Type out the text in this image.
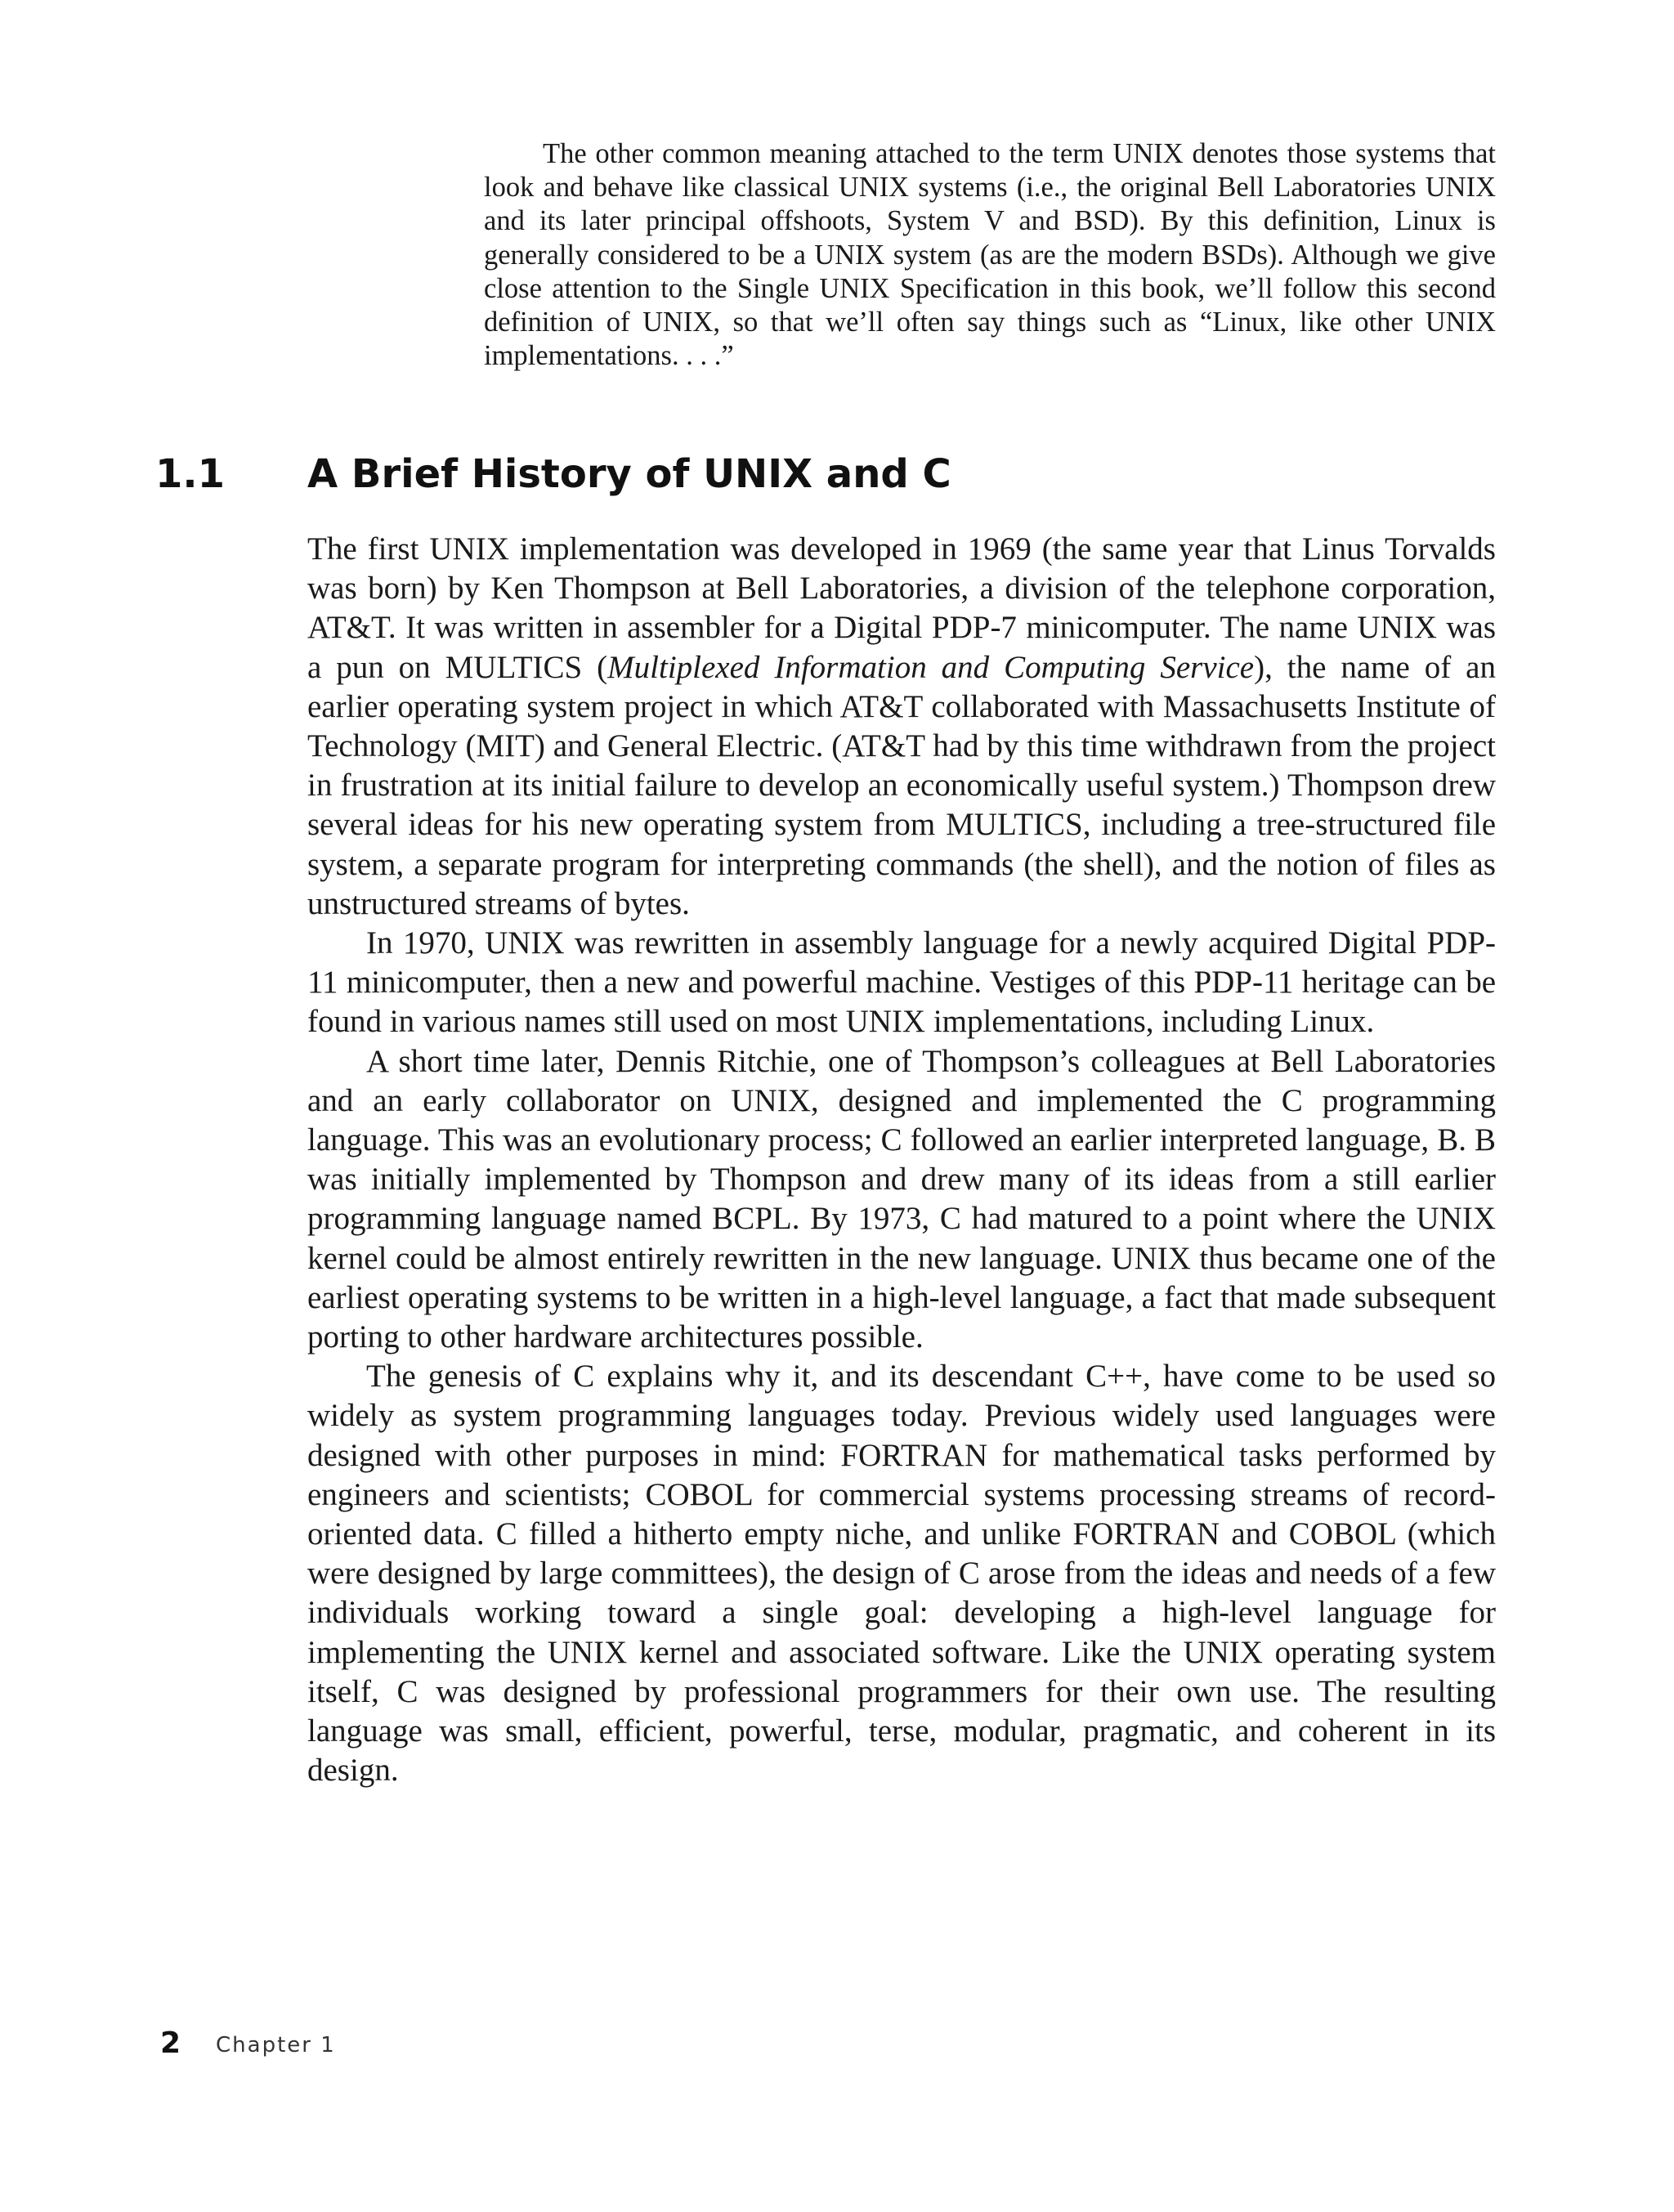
The other common meaning attached to the term UNIX denotes those systems that look and behave like classical UNIX systems (i.e., the original Bell Laboratories UNIX and its later principal offshoots, System V and BSD). By this definition, Linux is generally considered to be a UNIX system (as are the modern BSDs). Although we give close attention to the Single UNIX Specification in this book, we’ll follow this second definition of UNIX, so that we’ll often say things such as “Linux, like other UNIX implementations. . . .”

1.1 A Brief History of UNIX and C

The first UNIX implementation was developed in 1969 (the same year that Linus Torvalds was born) by Ken Thompson at Bell Laboratories, a division of the telephone corporation, AT&T. It was written in assembler for a Digital PDP-7 minicomputer. The name UNIX was a pun on MULTICS (Multiplexed Information and Computing Service), the name of an earlier operating system project in which AT&T collaborated with Massachusetts Institute of Technology (MIT) and General Electric. (AT&T had by this time withdrawn from the project in frustration at its initial failure to develop an economically useful system.) Thompson drew several ideas for his new operating system from MULTICS, including a tree-structured file system, a separate program for interpreting commands (the shell), and the notion of files as unstructured streams of bytes.

In 1970, UNIX was rewritten in assembly language for a newly acquired Digital PDP-11 minicomputer, then a new and powerful machine. Vestiges of this PDP-11 heritage can be found in various names still used on most UNIX implementations, including Linux.

A short time later, Dennis Ritchie, one of Thompson’s colleagues at Bell Laboratories and an early collaborator on UNIX, designed and implemented the C programming language. This was an evolutionary process; C followed an earlier interpreted language, B. B was initially implemented by Thompson and drew many of its ideas from a still earlier programming language named BCPL. By 1973, C had matured to a point where the UNIX kernel could be almost entirely rewritten in the new language. UNIX thus became one of the earliest operating systems to be written in a high-level language, a fact that made subsequent porting to other hardware architectures possible.

The genesis of C explains why it, and its descendant C++, have come to be used so widely as system programming languages today. Previous widely used languages were designed with other purposes in mind: FORTRAN for mathematical tasks performed by engineers and scientists; COBOL for commercial systems processing streams of record-oriented data. C filled a hitherto empty niche, and unlike FORTRAN and COBOL (which were designed by large committees), the design of C arose from the ideas and needs of a few individuals working toward a single goal: developing a high-level language for implementing the UNIX kernel and associated software. Like the UNIX operating system itself, C was designed by professional programmers for their own use. The resulting language was small, efficient, powerful, terse, modular, pragmatic, and coherent in its design.

2 Chapter 1
